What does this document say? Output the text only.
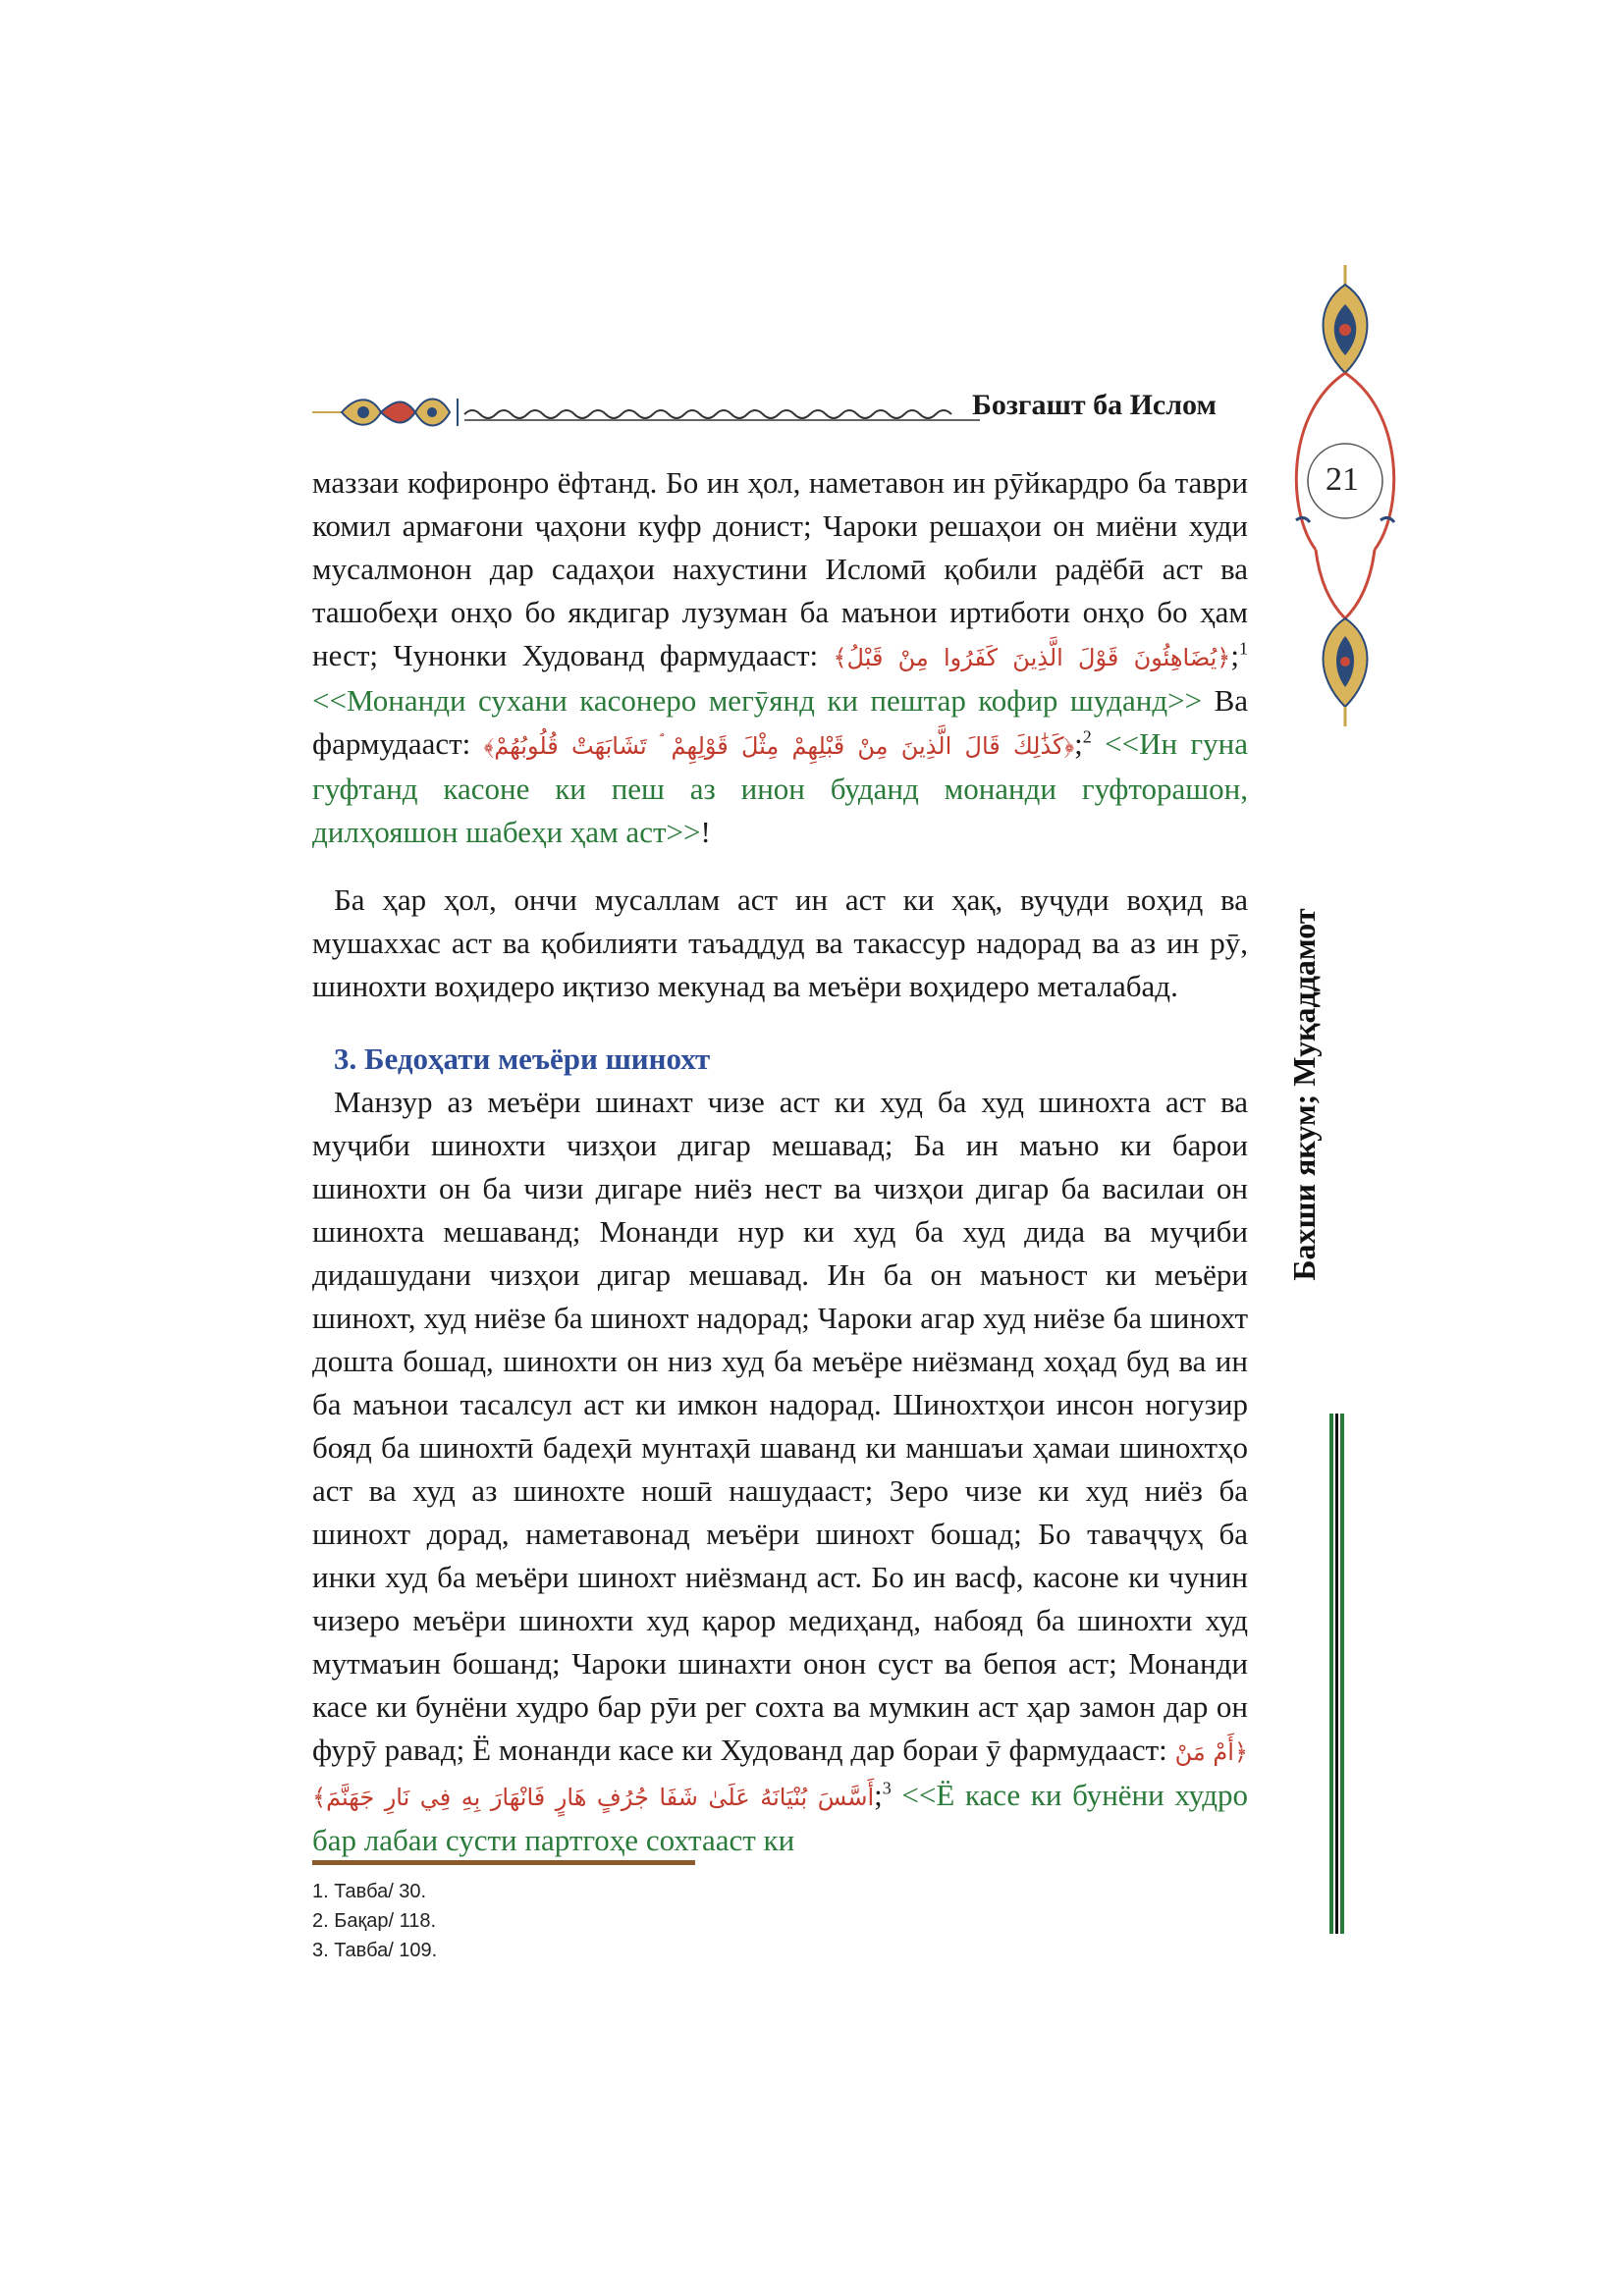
Бозгашт ба Ислом
21
Бахши якум; Муқаддамот

маззаи кофиронро ёфтанд. Бо ин ҳол, наметавон ин рӯйкардро ба таври комил армағони ҷаҳони куфр донист; Чароки решаҳои он миёни худи мусалмонон дар садаҳои нахустини Исломӣ қобили радёбӣ аст ва ташобеҳи онҳо бо якдигар лузуман ба маънои иртиботи онҳо бо ҳам нест; Чунонки Худованд фармудааст: ﴿يُضَاهِئُونَ قَوْلَ الَّذِينَ كَفَرُوا مِنْ قَبْلُ﴾;$^1$ <<Монанди сухани касонеро мегӯянд ки пештар кофир шуданд>> Ва фармудааст: ﴿كَذَٰلِكَ قَالَ الَّذِينَ مِنْ قَبْلِهِمْ مِثْلَ قَوْلِهِمْ ۘ تَشَابَهَتْ قُلُوبُهُمْ﴾;$^2$ <<Ин гуна гуфтанд касоне ки пеш аз инон буданд монанди гуфторашон, дилҳояшон шабеҳи ҳам аст>>!

Ба ҳар ҳол, ончи мусаллам аст ин аст ки ҳақ, вуҷуди воҳид ва мушаххас аст ва қобилияти таъаддуд ва такассур надорад ва аз ин рӯ, шинохти воҳидеро иқтизо мекунад ва меъёри воҳидеро металабад.

3. Бедоҳати меъёри шинохт

Манзур аз меъёри шинахт чизе аст ки худ ба худ шинохта аст ва муҷиби шинохти чизҳои дигар мешавад; Ба ин маъно ки барои шинохти он ба чизи дигаре ниёз нест ва чизҳои дигар ба василаи он шинохта мешаванд; Монанди нур ки худ ба худ дида ва муҷиби дидашудани чизҳои дигар мешавад. Ин ба он маъност ки меъёри шинохт, худ ниёзе ба шинохт надорад; Чароки агар худ ниёзе ба шинохт дошта бошад, шинохти он низ худ ба меъёре ниёзманд хоҳад буд ва ин ба маънои тасалсул аст ки имкон надорад. Шинохтҳои инсон ногузир бояд ба шинохтӣ бадеҳӣ мунтаҳӣ шаванд ки маншаъи ҳамаи шинохтҳо аст ва худ аз шинохте ношӣ нашудааст; Зеро чизе ки худ ниёз ба шинохт дорад, наметавонад меъёри шинохт бошад; Бо таваҷҷуҳ ба инки худ ба меъёри шинохт ниёзманд аст. Бо ин васф, касоне ки чунин чизеро меъёри шинохти худ қарор медиҳанд, набояд ба шинохти худ мутмаъин бошанд; Чароки шинахти онон суст ва бепоя аст; Монанди касе ки бунёни худро бар рӯи рег сохта ва мумкин аст ҳар замон дар он фурӯ равад; Ё монанди касе ки Худованд дар бораи ӯ фармудааст: ﴿أَمْ مَنْ أَسَّسَ بُنْيَانَهُ عَلَىٰ شَفَا جُرُفٍ هَارٍ فَانْهَارَ بِهِ فِي نَارِ جَهَنَّمَ﴾;$^3$ <<Ё касе ки бунёни худро бар лабаи сусти партгоҳе сохтааст ки

1. Тавба/ 30.
2. Бақар/ 118.
3. Тавба/ 109.
